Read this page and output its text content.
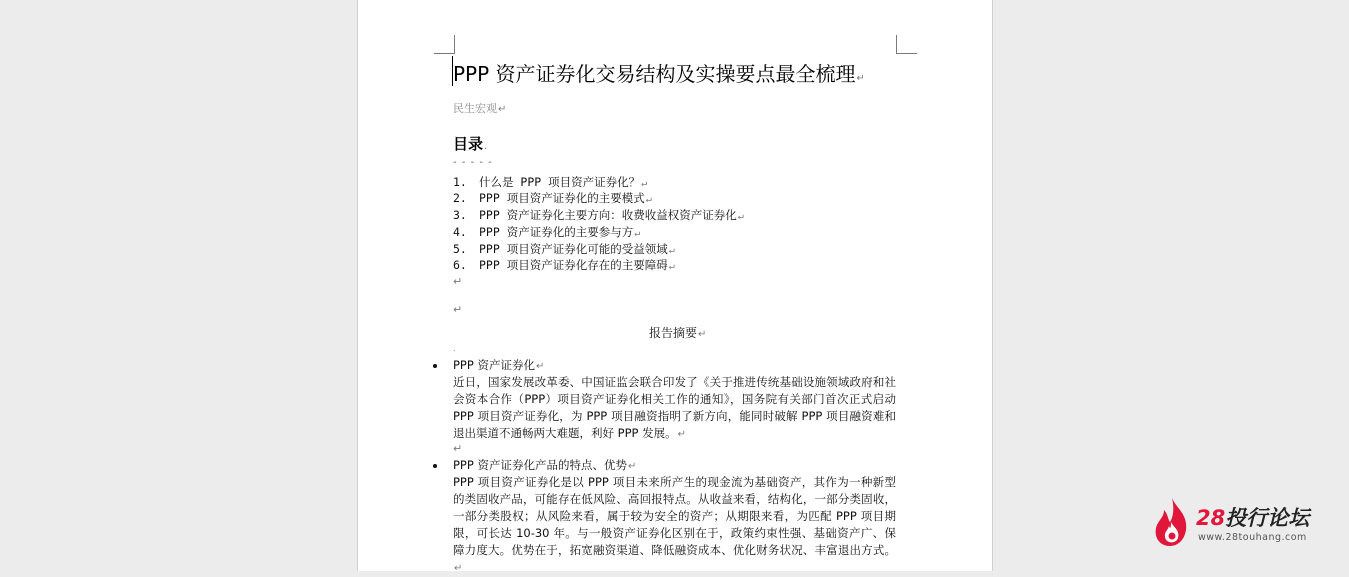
PPP 资产证券化交易结构及实操要点最全梳理↵
民生宏观↵
目录.
- - - - -
1. 什么是 PPP 项目资产证券化？↵
2. PPP 项目资产证券化的主要模式↵
3. PPP 资产证券化主要方向：收费收益权资产证券化↵
4. PPP 资产证券化的主要参与方↵
5. PPP 项目资产证券化可能的受益领域↵
6. PPP 项目资产证券化存在的主要障碍↵
↵
↵
报告摘要↵
.
PPP 资产证券化↵
近日，国家发展改革委、中国证监会联合印发了《关于推进传统基础设施领域政府和社会资本合作（PPP）项目资产证券化相关工作的通知》，国务院有关部门首次正式启动 PPP 项目资产证券化，为 PPP 项目融资指明了新方向，能同时破解 PPP 项目融资难和退出渠道不通畅两大难题，利好 PPP 发展。↵
↵
PPP 资产证券化产品的特点、优势↵
PPP 项目资产证券化是以 PPP 项目未来所产生的现金流为基础资产，其作为一种新型的类固收产品，可能存在低风险、高回报特点。从收益来看，结构化，一部分类固收，一部分类股权；从风险来看，属于较为安全的资产；从期限来看，为匹配 PPP 项目期限，可长达 10-30 年。与一般资产证券化区别在于，政策约束性强、基础资产广、保障力度大。优势在于，拓宽融资渠道、降低融资成本、优化财务状况、丰富退出方式。↵
28投行论坛
www.28touhang.com
